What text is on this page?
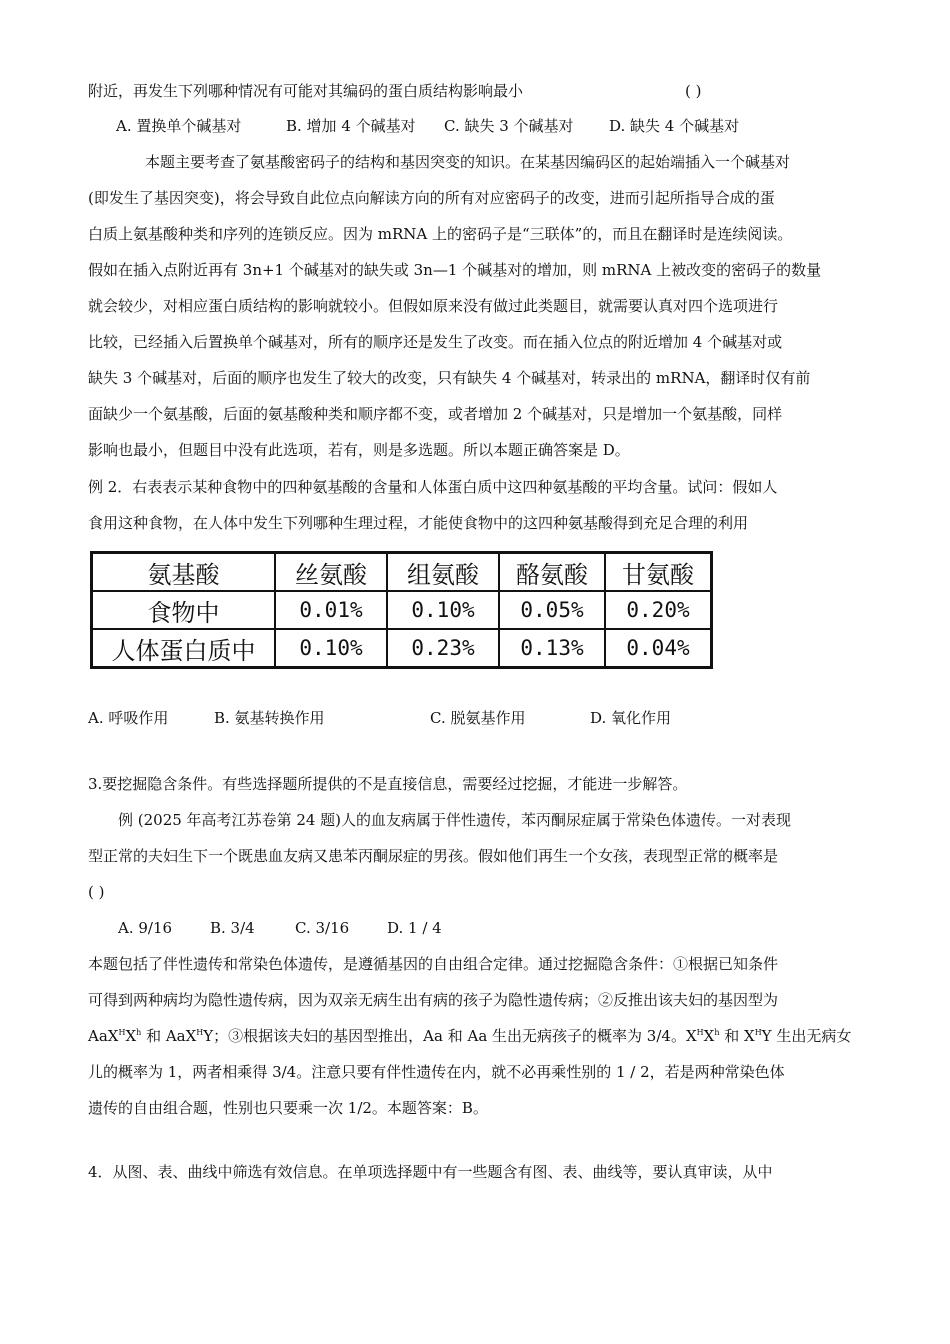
附近，再发生下列哪种情况有可能对其编码的蛋白质结构影响最小	( )
A. 置换单个碱基对	B. 增加 4 个碱基对 C. 缺失 3 个碱基对 D. 缺失 4 个碱基对
本题主要考查了氨基酸密码子的结构和基因突变的知识。在某基因编码区的起始端插入一个碱基对
(即发生了基因突变)，将会导致自此位点向解读方向的所有对应密码子的改变，进而引起所指导合成的蛋
白质上氨基酸种类和序列的连锁反应。因为 mRNA 上的密码子是“三联体”的，而且在翻译时是连续阅读。
假如在插入点附近再有 3n+1 个碱基对的缺失或 3n—1 个碱基对的增加，则 mRNA 上被改变的密码子的数量
就会较少，对相应蛋白质结构的影响就较小。但假如原来没有做过此类题目，就需要认真对四个选项进行
比较，已经插入后置换单个碱基对，所有的顺序还是发生了改变。而在插入位点的附近增加 4 个碱基对或
缺失 3 个碱基对，后面的顺序也发生了较大的改变，只有缺失 4 个碱基对，转录出的 mRNA，翻译时仅有前
面缺少一个氨基酸，后面的氨基酸种类和顺序都不变，或者增加 2 个碱基对，只是增加一个氨基酸，同样
影响也最小，但题目中没有此选项，若有，则是多选题。所以本题正确答案是 D。
例 2．右表表示某种食物中的四种氨基酸的含量和人体蛋白质中这四种氨基酸的平均含量。试问：假如人
食用这种食物，在人体中发生下列哪种生理过程，才能使食物中的这四种氨基酸得到充足合理的利用
氨基酸	丝氨酸	组氨酸	酪氨酸	甘氨酸
食物中	0.01%	0.10%	0.05%	0.20%
人体蛋白质中	0.10%	0.23%	0.13%	0.04%
A. 呼吸作用	B. 氨基转换作用	C. 脱氨基作用	D. 氧化作用
3.要挖掘隐含条件。有些选择题所提供的不是直接信息，需要经过挖掘，才能进一步解答。
例 (2025 年高考江苏卷第 24 题)人的血友病属于伴性遗传，苯丙酮尿症属于常染色体遗传。一对表现
型正常的夫妇生下一个既患血友病又患苯丙酮尿症的男孩。假如他们再生一个女孩，表现型正常的概率是
( )
A. 9/16	B. 3/4	C. 3/16	D. 1 / 4
本题包括了伴性遗传和常染色体遗传，是遵循基因的自由组合定律。通过挖掘隐含条件：①根据已知条件
可得到两种病均为隐性遗传病，因为双亲无病生出有病的孩子为隐性遗传病；②反推出该夫妇的基因型为
$AaX^HX^h$ 和 AaX$^H$Y；③根据该夫妇的基因型推出，Aa 和 Aa 生出无病孩子的概率为 3/4。$X^HX^h$ 和 $X^HY$ 生出无病女
儿的概率为 1，两者相乘得 3/4。注意只要有伴性遗传在内，就不必再乘性别的 1 / 2，若是两种常染色体
遗传的自由组合题，性别也只要乘一次 1/2。本题答案：B。
4．从图、表、曲线中筛选有效信息。在单项选择题中有一些题含有图、表、曲线等，要认真审读，从中
